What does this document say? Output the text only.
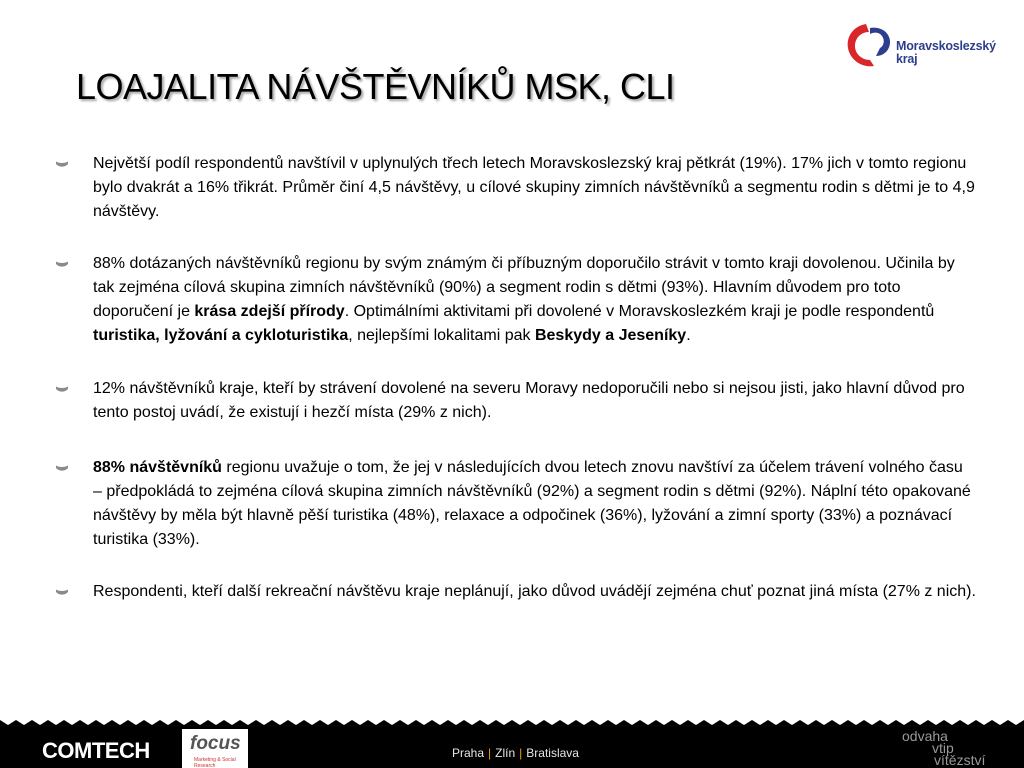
Moravskoslezský
kraj
LOAJALITA NÁVŠTĚVNÍKŮ MSK, CLI
Největší podíl respondentů navštívil v uplynulých třech letech Moravskoslezský kraj pětkrát (19%). 17% jich v tomto regionu bylo dvakrát a 16% třikrát. Průměr činí 4,5 návštěvy, u cílové skupiny zimních návštěvníků a segmentu rodin s dětmi je to 4,9 návštěvy.
88% dotázaných návštěvníků regionu by svým známým či příbuzným doporučilo strávit v tomto kraji dovolenou. Učinila by tak zejména cílová skupina zimních návštěvníků (90%) a segment rodin s dětmi (93%). Hlavním důvodem pro toto doporučení je krása zdejší přírody. Optimálními aktivitami při dovolené v Moravskoslezkém kraji je podle respondentů turistika, lyžování a cykloturistika, nejlepšími lokalitami pak Beskydy a Jeseníky.
12% návštěvníků kraje, kteří by strávení dovolené na severu Moravy nedoporučili nebo si nejsou jisti, jako hlavní důvod pro tento postoj uvádí, že existují i hezčí místa (29% z nich).
88% návštěvníků regionu uvažuje o tom, že jej v následujících dvou letech znovu navštíví za účelem trávení volného času – předpokládá to zejména cílová skupina zimních návštěvníků (92%) a segment rodin s dětmi (92%). Náplní této opakované návštěvy by měla být hlavně pěší turistika (48%), relaxace a odpočinek (36%), lyžování a zimní sporty (33%) a poznávací turistika (33%).
Respondenti, kteří další rekreační návštěvu kraje neplánují, jako důvod uvádějí zejména chuť poznat jiná místa (27% z nich).
COMTECH focus
Marketing & Social Research
Praha | Zlín | Bratislava
odvaha
vtip
vítězství
